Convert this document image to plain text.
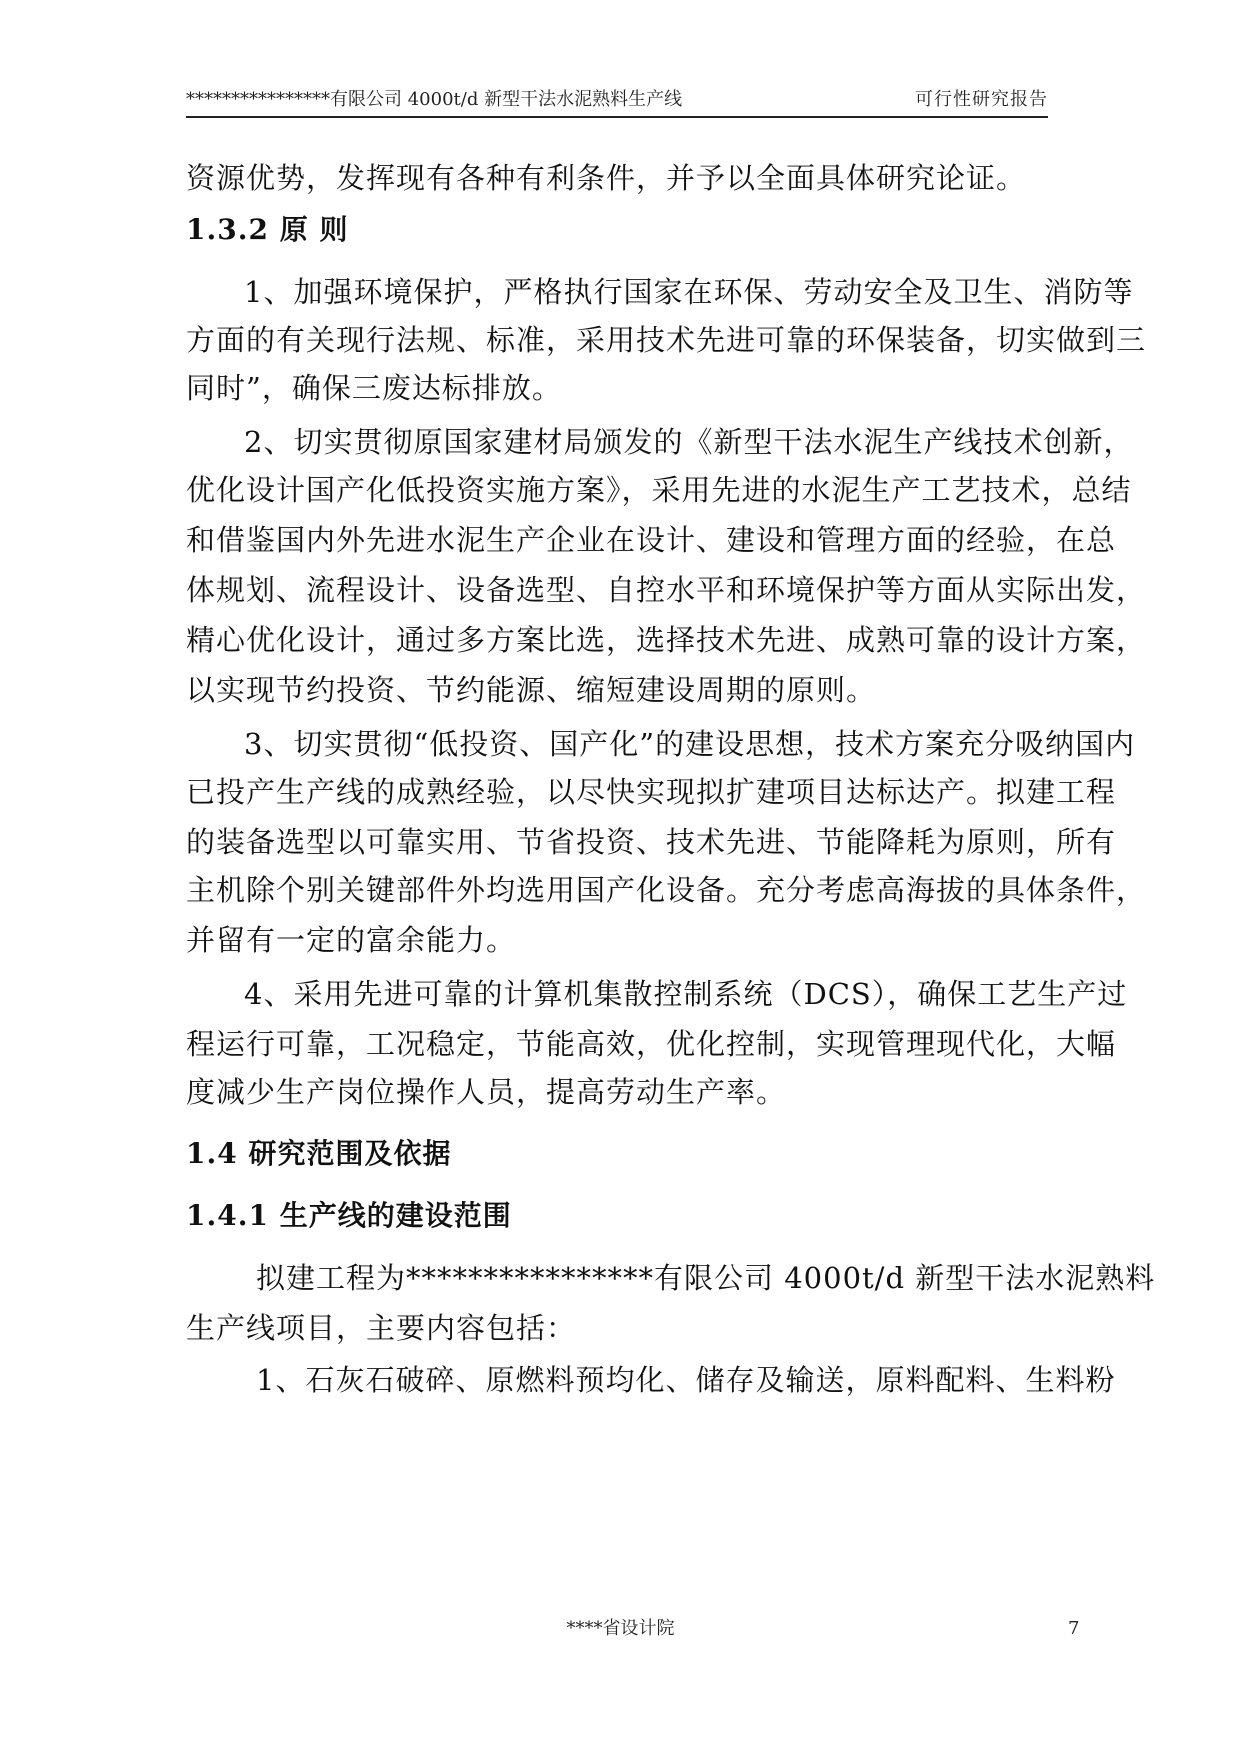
****************有限公司 4000t/d 新型干法水泥熟料生产线	可行性研究报告
资源优势，发挥现有各种有利条件，并予以全面具体研究论证。
1.3.2 原 则
1、加强环境保护，严格执行国家在环保、劳动安全及卫生、消防等
方面的有关现行法规、标准，采用技术先进可靠的环保装备，切实做到三
同时”，确保三废达标排放。
2、切实贯彻原国家建材局颁发的《新型干法水泥生产线技术创新，
优化设计国产化低投资实施方案》，采用先进的水泥生产工艺技术，总结
和借鉴国内外先进水泥生产企业在设计、建设和管理方面的经验，在总
体规划、流程设计、设备选型、自控水平和环境保护等方面从实际出发，
精心优化设计，通过多方案比选，选择技术先进、成熟可靠的设计方案，
以实现节约投资、节约能源、缩短建设周期的原则。
3、切实贯彻“低投资、国产化”的建设思想，技术方案充分吸纳国内
已投产生产线的成熟经验，以尽快实现拟扩建项目达标达产。拟建工程
的装备选型以可靠实用、节省投资、技术先进、节能降耗为原则，所有
主机除个别关键部件外均选用国产化设备。充分考虑高海拔的具体条件，
并留有一定的富余能力。
4、采用先进可靠的计算机集散控制系统（DCS），确保工艺生产过
程运行可靠，工况稳定，节能高效，优化控制，实现管理现代化，大幅
度减少生产岗位操作人员，提高劳动生产率。
1.4 研究范围及依据
1.4.1 生产线的建设范围
拟建工程为****************有限公司 4000t/d 新型干法水泥熟料
生产线项目，主要内容包括：
1、石灰石破碎、原燃料预均化、储存及输送，原料配料、生料粉
****省设计院	7
